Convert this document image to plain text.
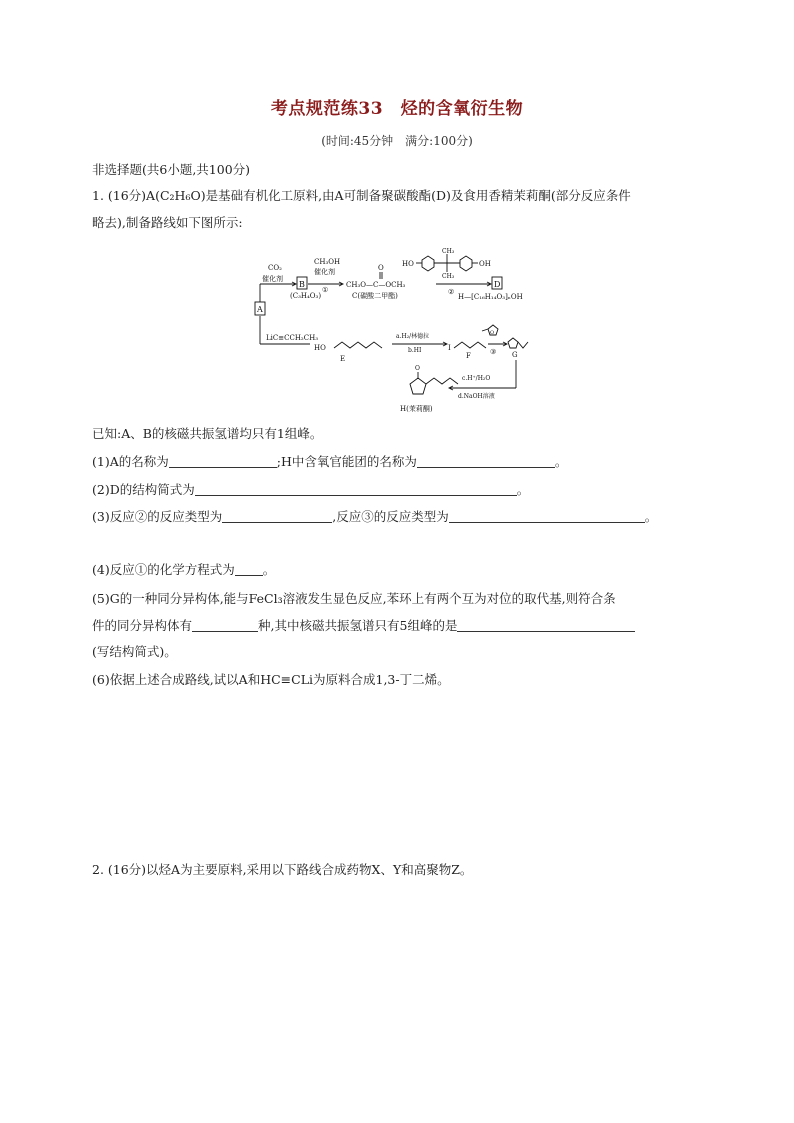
考点规范练33　烃的含氧衍生物
(时间:45分钟　满分:100分)
非选择题(共6小题,共100分)
1. (16分)A(C₂H₆O)是基础有机化工原料,由A可制备聚碳酸酯(D)及食用香精茉莉酮(部分反应条件
略去),制备路线如下图所示:
CO₂
催化剂
B
(C₃H₄O₃)
CH₃OH
催化剂
①
O
CH₃O—C—OCH₃
C(碳酸二甲酯)
HO
CH₃
CH₃
OH
②
D
H—[C₁₆H₁₄O₃]ₙOH
A
LiC≡CCH₂CH₃
HO
E
a.H₂/林德拉
b.HI	I
F
O
③ G
c.H⁺/H₂O
d.NaOH溶液
O
H(茉莉酮)
已知:A、B的核磁共振氢谱均只有1组峰。
(1)A的名称为	;H中含氧官能团的名称为	。
(2)D的结构简式为	。
(3)反应②的反应类型为	,反应③的反应类型为	。
(4)反应①的化学方程式为 。
(5)G的一种同分异构体,能与FeCl₃溶液发生显色反应,苯环上有两个互为对位的取代基,则符合条
件的同分异构体有	种,其中核磁共振氢谱只有5组峰的是
(写结构简式)。
(6)依据上述合成路线,试以A和HC≡CLi为原料合成1,3-丁二烯。
2. (16分)以烃A为主要原料,采用以下路线合成药物X、Y和高聚物Z。
